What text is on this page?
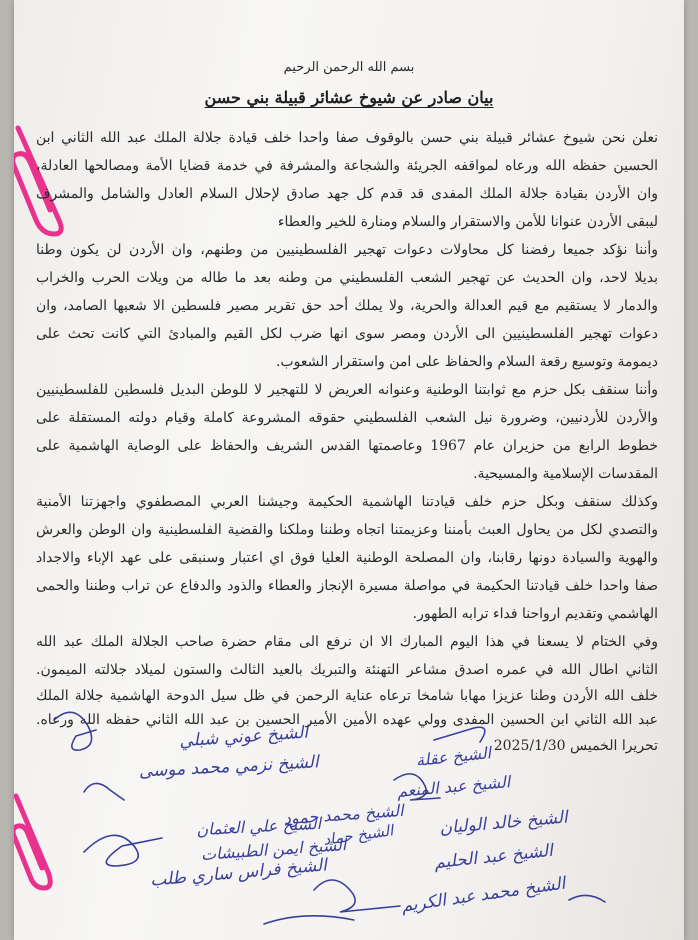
بسم الله الرحمن الرحيم
بيان صادر عن شيوخ عشائر قبيلة بني حسن
نعلن نحن شيوخ عشائر قبيلة بني حسن بالوقوف صفا واحدا خلف قيادة جلالة الملك عبد الله الثاني ابن
الحسين حفظه الله ورعاه لمواقفه الجريئة والشجاعة والمشرفة في خدمة قضايا الأمة ومصالحها العادلة،
وان الأردن بقيادة جلالة الملك المفدى قد قدم كل جهد صادق لإحلال السلام العادل والشامل والمشرف
ليبقى الأردن عنوانا للأمن والاستقرار والسلام ومنارة للخير والعطاء
وأننا نؤكد جميعا رفضنا كل محاولات دعوات تهجير الفلسطينيين من وطنهم، وان الأردن لن يكون وطنا
بديلا لاحد، وان الحديث عن تهجير الشعب الفلسطيني من وطنه بعد ما طاله من ويلات الحرب والخراب
والدمار لا يستقيم مع قيم العدالة والحرية، ولا يملك أحد حق تقرير مصير فلسطين الا شعبها الصامد، وان
دعوات تهجير الفلسطينيين الى الأردن ومصر سوى انها ضرب لكل القيم والمبادئ التي كانت تحث على
ديمومة وتوسيع رقعة السلام والحفاظ على امن واستقرار الشعوب.
وأننا سنقف بكل حزم مع ثوابتنا الوطنية وعنوانه العريض لا للتهجير لا للوطن البديل فلسطين للفلسطينيين
والأردن للأردنيين، وضرورة نيل الشعب الفلسطيني حقوقه المشروعة كاملة وقيام دولته المستقلة على
خطوط الرابع من حزيران عام 1967 وعاصمتها القدس الشريف والحفاظ على الوصاية الهاشمية على
المقدسات الإسلامية والمسيحية.
وكذلك سنقف وبكل حزم خلف قيادتنا الهاشمية الحكيمة وجيشنا العربي المصطفوي واجهزتنا الأمنية
والتصدي لكل من يحاول العبث بأمننا وعزيمتنا اتجاه وطننا وملكنا والقضية الفلسطينية وان الوطن والعرش
والهوية والسيادة دونها رقابنا، وان المصلحة الوطنية العليا فوق اي اعتبار وسنبقى على عهد الإباء والاجداد
صفا واحدا خلف قيادتنا الحكيمة في مواصلة مسيرة الإنجاز والعطاء والذود والدفاع عن تراب وطننا والحمى
الهاشمي وتقديم ارواحنا فداء ترابه الطهور.
وفي الختام لا يسعنا في هذا اليوم المبارك الا ان نرفع الى مقام حضرة صاحب الجلالة الملك عبد الله
الثاني اطال الله في عمره اصدق مشاعر التهنئة والتبريك بالعيد الثالث والستون لميلاد جلالته الميمون.
خلف الله الأردن وطنا عزيزا مهابا شامخا ترعاه عناية الرحمن في ظل سيل الدوحة الهاشمية جلالة الملك
عبد الله الثاني ابن الحسين المفدى وولي عهده الأمين الأمير الحسين بن عبد الله الثاني حفظه الله ورعاه.
تحريرا الخميس 2025/1/30
الشيخ عوني شبلي
الشيخ نزمي محمد موسى	الشيخ عقلة
الشيخ عبد المنعم
الشيخ محمد حمود
الشيخ فراس ساري طلب
الشيخ حماد	الشيخ خالد الوليان
الشيخ علي العثمان
الشيخ ايمن الطبيشات	الشيخ عبد الحليم
الشيخ محمد عبد الكريم
